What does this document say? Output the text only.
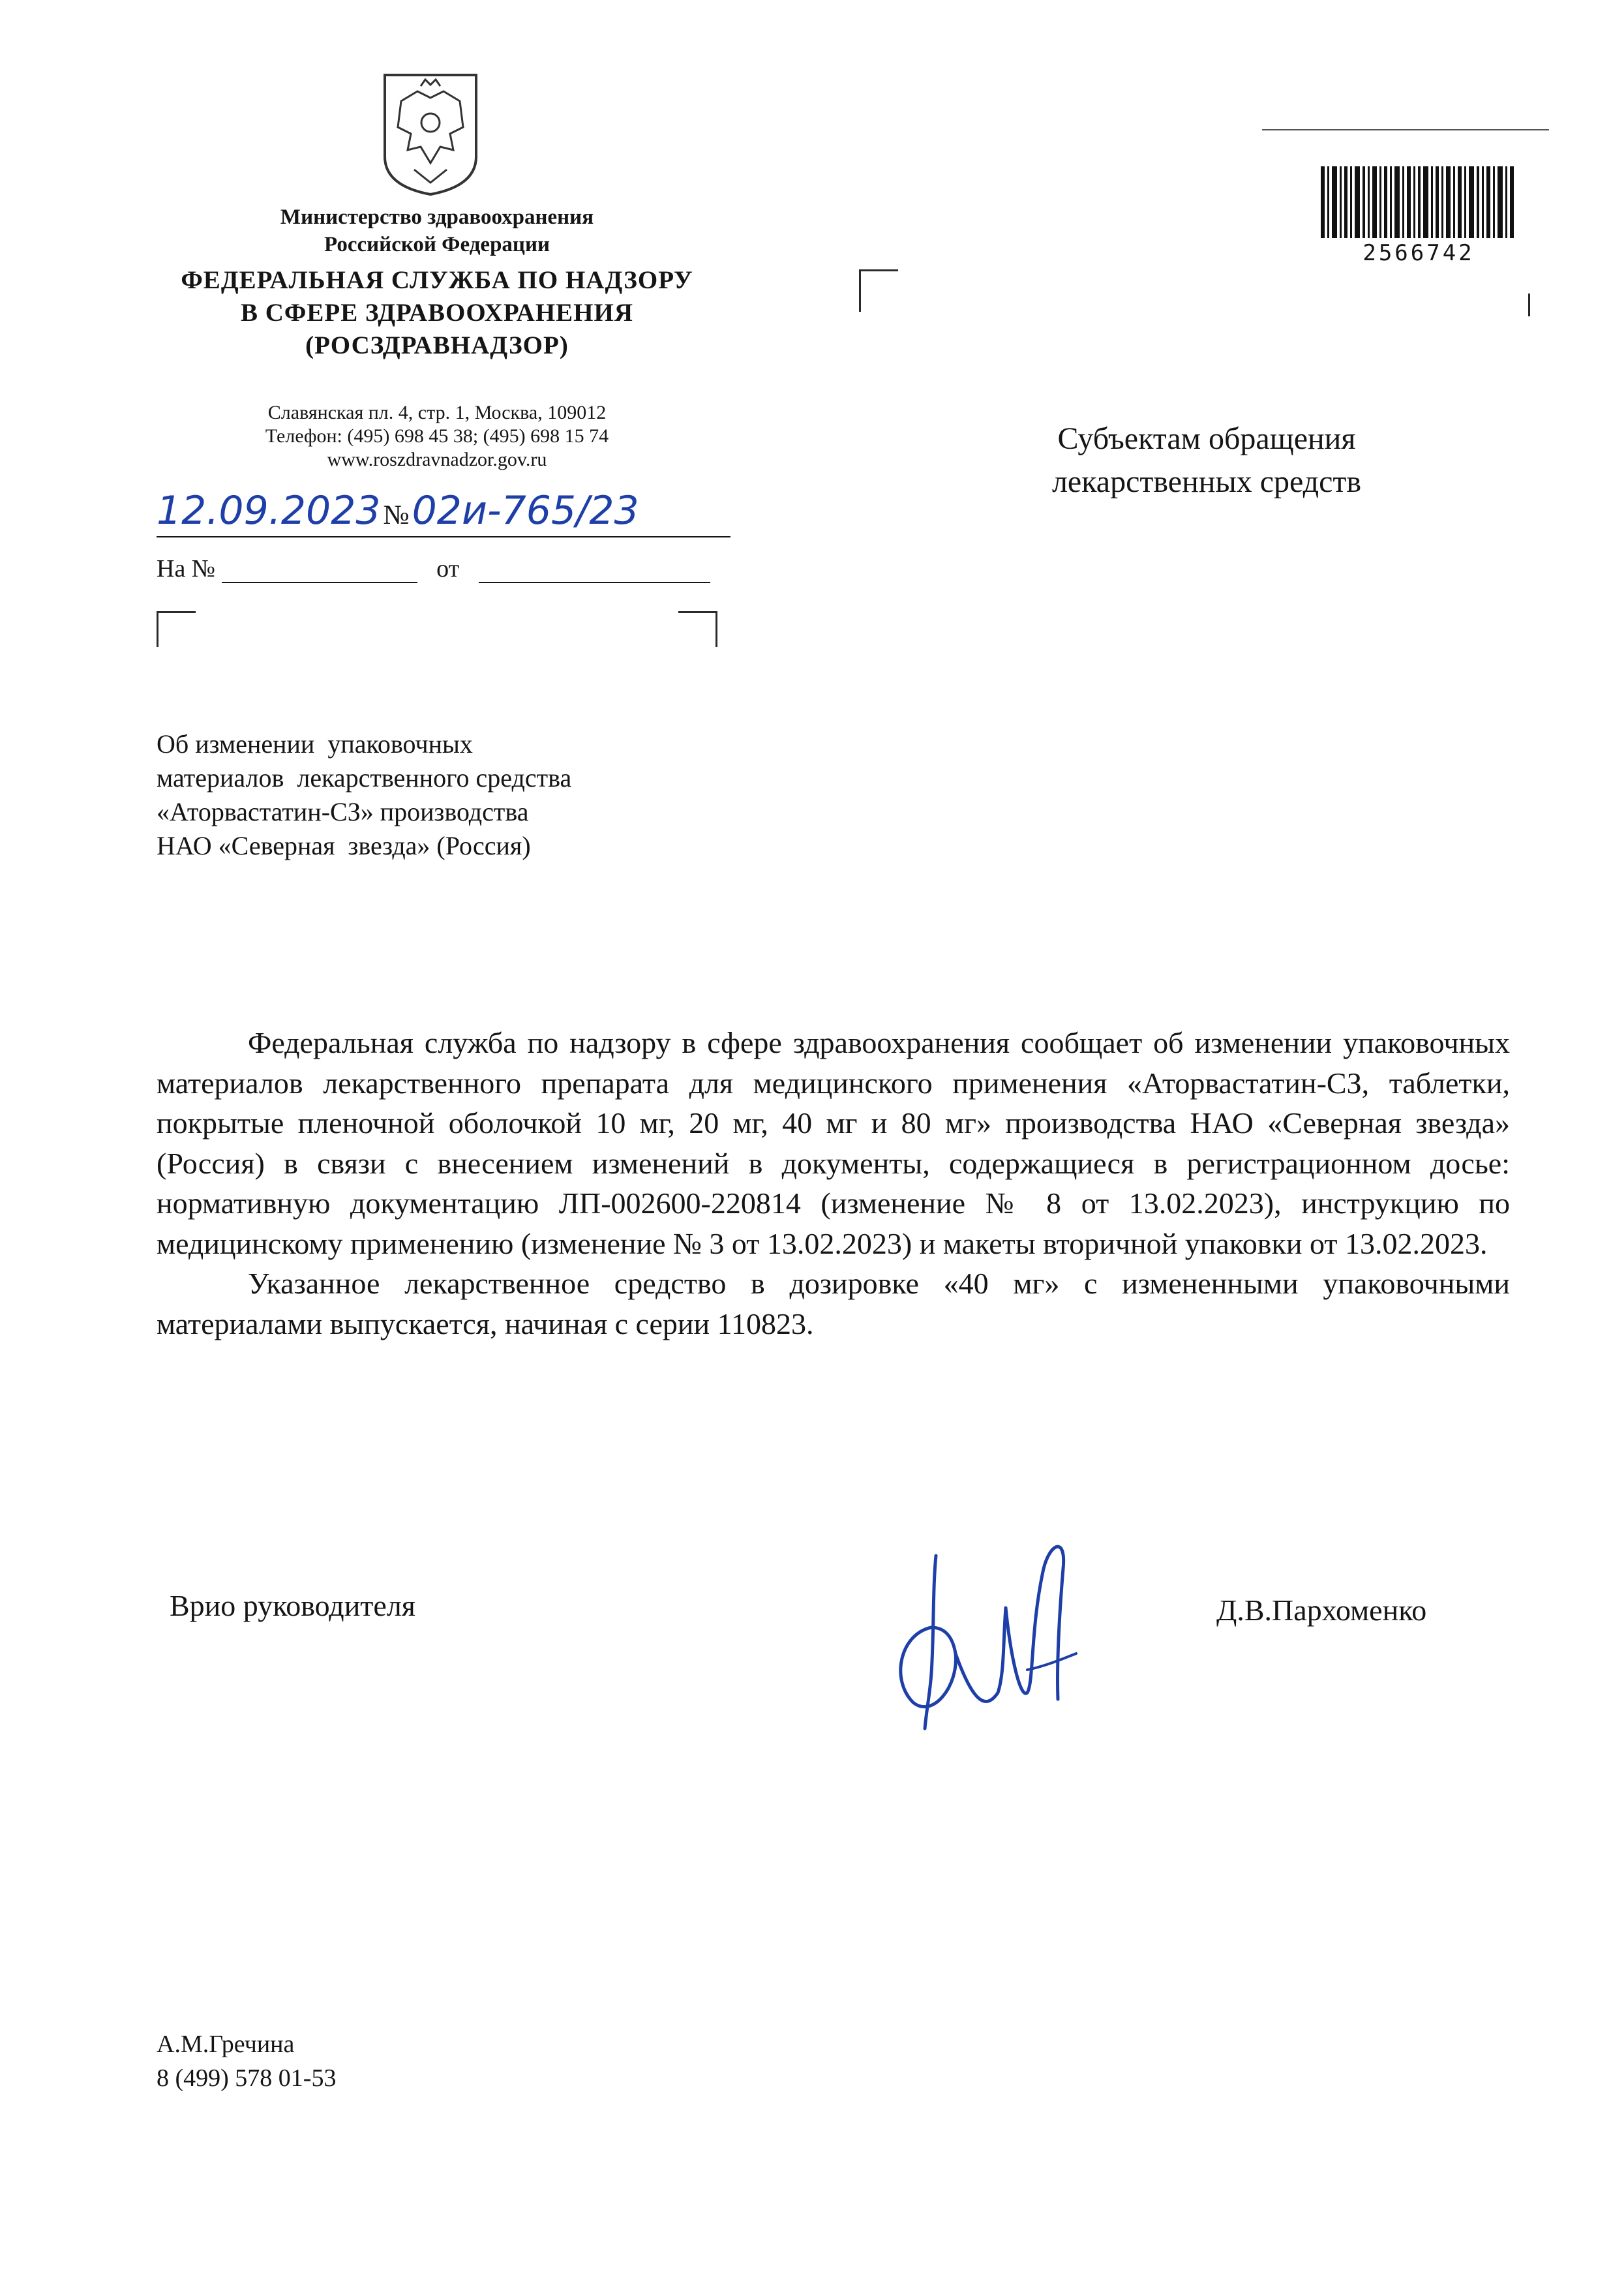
Министерство здравоохранения
Российской Федерации
ФЕДЕРАЛЬНАЯ СЛУЖБА ПО НАДЗОРУ
В СФЕРЕ ЗДРАВООХРАНЕНИЯ
(РОСЗДРАВНАДЗОР)
Славянская пл. 4, стр. 1, Москва, 109012
Телефон: (495) 698 45 38; (495) 698 15 74
www.roszdravnadzor.gov.ru
12.09.2023 № 02и-765/23
На №	от
2566742
Субъектам обращения
лекарственных средств
Об изменении  упаковочных
материалов  лекарственного средства
«Аторвастатин-СЗ» производства
НАО «Северная  звезда» (Россия)

Федеральная служба по надзору в сфере здравоохранения сообщает об изменении упаковочных материалов лекарственного препарата для медицинского применения «Аторвастатин-СЗ, таблетки, покрытые пленочной оболочкой 10 мг, 20 мг, 40 мг и 80 мг» производства НАО «Северная звезда» (Россия) в связи с внесением изменений в документы, содержащиеся в регистрационном досье: нормативную документацию ЛП-002600-220814 (изменение № 8 от 13.02.2023), инструкцию по медицинскому применению (изменение № 3 от 13.02.2023) и макеты вторичной упаковки от 13.02.2023.

Указанное лекарственное средство в дозировке «40 мг» с измененными упаковочными материалами выпускается, начиная с серии 110823.

Врио руководителя	Д.В.Пархоменко
А.М.Гречина
8 (499) 578 01-53
